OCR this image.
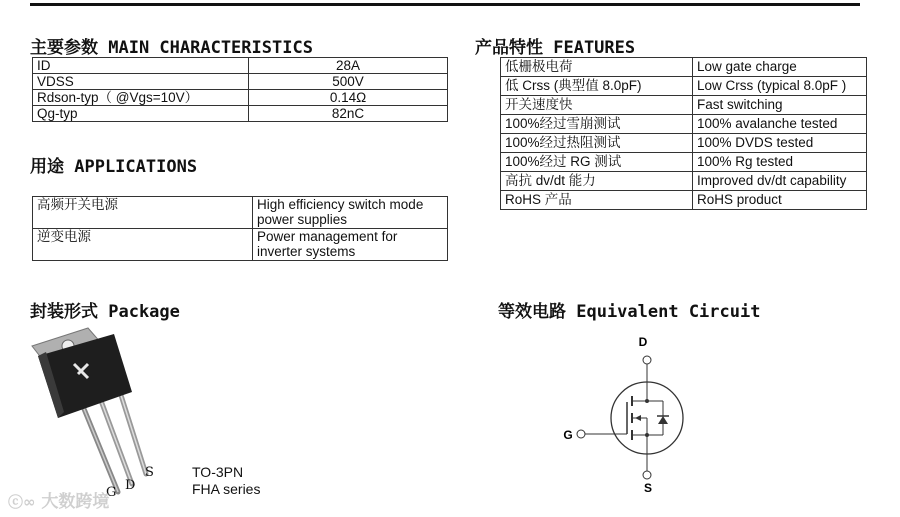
主要参数 MAIN CHARACTERISTICS
ID	28A
VDSS	500V
Rdson-typ（ @Vgs=10V）	0.14Ω
Qg-typ	82nC
用途 APPLICATIONS
高频开关电源	High efficiency switch mode power supplies
逆变电源	Power management for inverter systems
产品特性 FEATURES
低栅极电荷	Low gate charge
低 Crss (典型值 8.0pF)	Low Crss (typical 8.0pF )
开关速度快	Fast switching
100%经过雪崩测试	100% avalanche tested
100%经过热阻测试	100% DVDS tested
100%经过 RG 测试	100% Rg tested
高抗 dv/dt 能力	Improved dv/dt capability
RoHS 产品	RoHS product
封装形式 Package
G D
S	TO-3PN
FHA series
等效电路 Equivalent Circuit
D
G
S
ⓒ∞ 大数跨境
